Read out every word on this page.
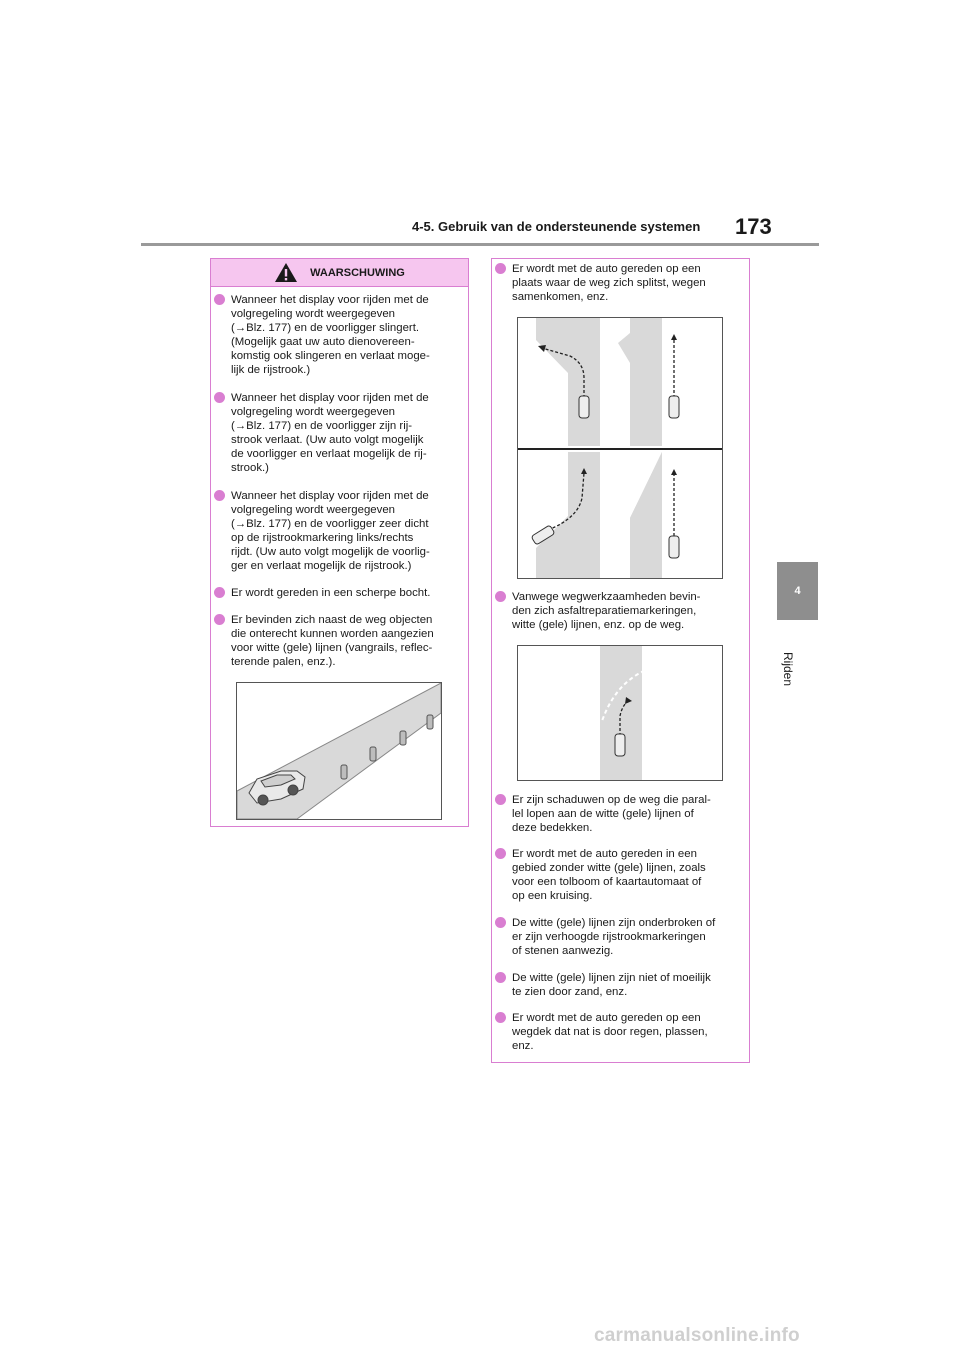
4-5. Gebruik van de ondersteunende systemen 173
4
Rijden
WAARSCHUWING
Wanneer het display voor rijden met de
volgregeling wordt weergegeven
(→Blz. 177) en de voorligger slingert.
(Mogelijk gaat uw auto dienovereen-
komstig ook slingeren en verlaat moge-
lijk de rijstrook.)
Wanneer het display voor rijden met de
volgregeling wordt weergegeven
(→Blz. 177) en de voorligger zijn rij-
strook verlaat. (Uw auto volgt mogelijk
de voorligger en verlaat mogelijk de rij-
strook.)
Wanneer het display voor rijden met de
volgregeling wordt weergegeven
(→Blz. 177) en de voorligger zeer dicht
op de rijstrookmarkering links/rechts
rijdt. (Uw auto volgt mogelijk de voorlig-
ger en verlaat mogelijk de rijstrook.)
Er wordt gereden in een scherpe bocht.
Er bevinden zich naast de weg objecten
die onterecht kunnen worden aangezien
voor witte (gele) lijnen (vangrails, reflec-
terende palen, enz.).
Er wordt met de auto gereden op een
plaats waar de weg zich splitst, wegen
samenkomen, enz.
Vanwege wegwerkzaamheden bevin-
den zich asfaltreparatiemarkeringen,
witte (gele) lijnen, enz. op de weg.
Er zijn schaduwen op de weg die paral-
lel lopen aan de witte (gele) lijnen of
deze bedekken.
Er wordt met de auto gereden in een
gebied zonder witte (gele) lijnen, zoals
voor een tolboom of kaartautomaat of
op een kruising.
De witte (gele) lijnen zijn onderbroken of
er zijn verhoogde rijstrookmarkeringen
of stenen aanwezig.
De witte (gele) lijnen zijn niet of moeilijk
te zien door zand, enz.
Er wordt met de auto gereden op een
wegdek dat nat is door regen, plassen,
enz.
carmanualsonline.info
